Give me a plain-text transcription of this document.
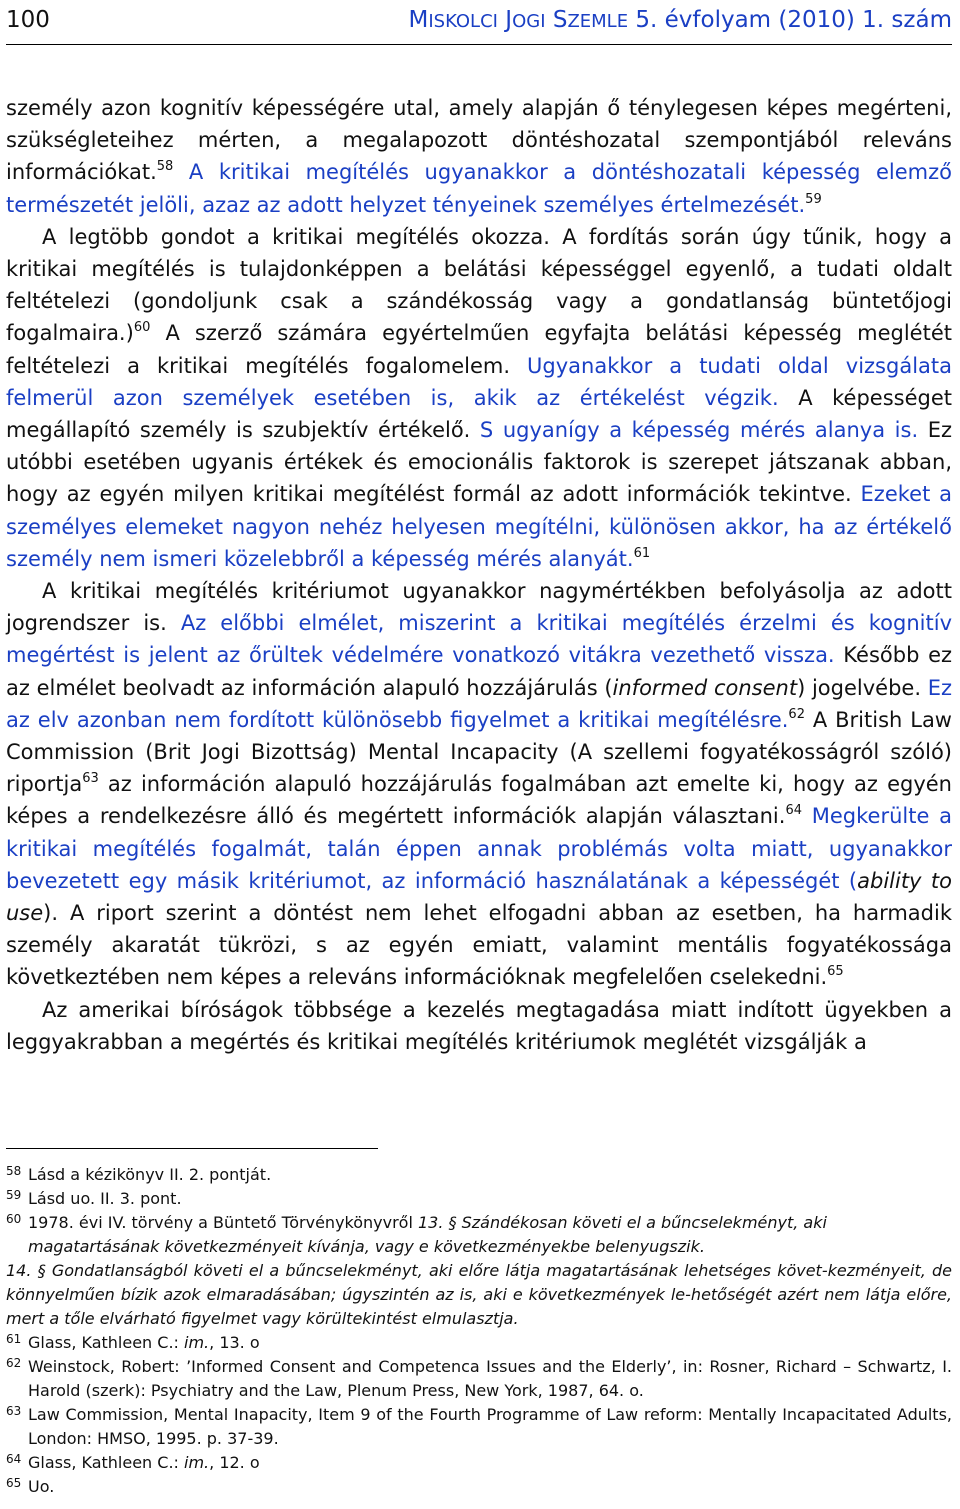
100	MISKOLCI JOGI SZEMLE 5. évfolyam (2010) 1. szám

személy azon kognitív képességére utal, amely alapján ő ténylegesen képes megérteni, szükségleteihez mérten, a megalapozott döntéshozatal szempontjából releváns információkat.$^{58}$ A kritikai megítélés ugyanakkor a döntéshozatali képesség elemző természetét jelöli, azaz az adott helyzet tényeinek személyes értelmezését.$^{59}$

A legtöbb gondot a kritikai megítélés okozza. A fordítás során úgy tűnik, hogy a kritikai megítélés is tulajdonképpen a belátási képességgel egyenlő, a tudati oldalt feltételezi (gondoljunk csak a szándékosság vagy a gondatlanság büntetőjogi fogalmaira.)$^{60}$ A szerző számára egyértelműen egyfajta belátási képesség meglétét feltételezi a kritikai megítélés fogalomelem. Ugyanakkor a tudati oldal vizsgálata felmerül azon személyek esetében is, akik az értékelést végzik. A képességet megállapító személy is szubjektív értékelő. S ugyanígy a képesség mérés alanya is. Ez utóbbi esetében ugyanis értékek és emocionális faktorok is szerepet játszanak abban, hogy az egyén milyen kritikai megítélést formál az adott információk tekintve. Ezeket a személyes elemeket nagyon nehéz helyesen megítélni, különösen akkor, ha az értékelő személy nem ismeri közelebbről a képesség mérés alanyát.$^{61}$

A kritikai megítélés kritériumot ugyanakkor nagymértékben befolyásolja az adott jogrendszer is. Az előbbi elmélet, miszerint a kritikai megítélés érzelmi és kognitív megértést is jelent az őrültek védelmére vonatkozó vitákra vezethető vissza. Később ez az elmélet beolvadt az információn alapuló hozzájárulás (informed consent) jogelvébe. Ez az elv azonban nem fordított különösebb figyelmet a kritikai megítélésre.$^{62}$ A British Law Commission (Brit Jogi Bizottság) Mental Incapacity (A szellemi fogyatékosságról szóló) riportja$^{63}$ az információn alapuló hozzájárulás fogalmában azt emelte ki, hogy az egyén képes a rendelkezésre álló és megértett információk alapján választani.$^{64}$ Megkerülte a kritikai megítélés fogalmát, talán éppen annak problémás volta miatt, ugyanakkor bevezetett egy másik kritériumot, az információ használatának a képességét (ability to use). A riport szerint a döntést nem lehet elfogadni abban az esetben, ha harmadik személy akaratát tükrözi, s az egyén emiatt, valamint mentális fogyatékossága következtében nem képes a releváns információknak megfelelően cselekedni.$^{65}$

Az amerikai bíróságok többsége a kezelés megtagadása miatt indított ügyekben a leggyakrabban a megértés és kritikai megítélés kritériumok meglétét vizsgálják a

58 Lásd a kézikönyv II. 2. pontját.
59 Lásd uo. II. 3. pont.
60 1978. évi IV. törvény a Büntető Törvénykönyvről 13. § Szándékosan követi el a bűncselekményt, aki
magatartásának következményeit kívánja, vagy e következményekbe belenyugszik.
14. § Gondatlanságból követi el a bűncselekményt, aki előre látja magatartásának lehetséges követ-kezményeit, de könnyelműen bízik azok elmaradásában; úgyszintén az is, aki e következmények le-hetőségét azért nem látja előre, mert a tőle elvárható figyelmet vagy körültekintést elmulasztja.
61 Glass, Kathleen C.: im., 13. o
62 Weinstock, Robert: ’Informed Consent and Competenca Issues and the Elderly’, in: Rosner, Richard – Schwartz, I. Harold (szerk): Psychiatry and the Law, Plenum Press, New York, 1987, 64. o.
63 Law Commission, Mental Inapacity, Item 9 of the Fourth Programme of Law reform: Mentally Incapacitated Adults, London: HMSO, 1995. p. 37-39.
64 Glass, Kathleen C.: im., 12. o
65 Uo.
